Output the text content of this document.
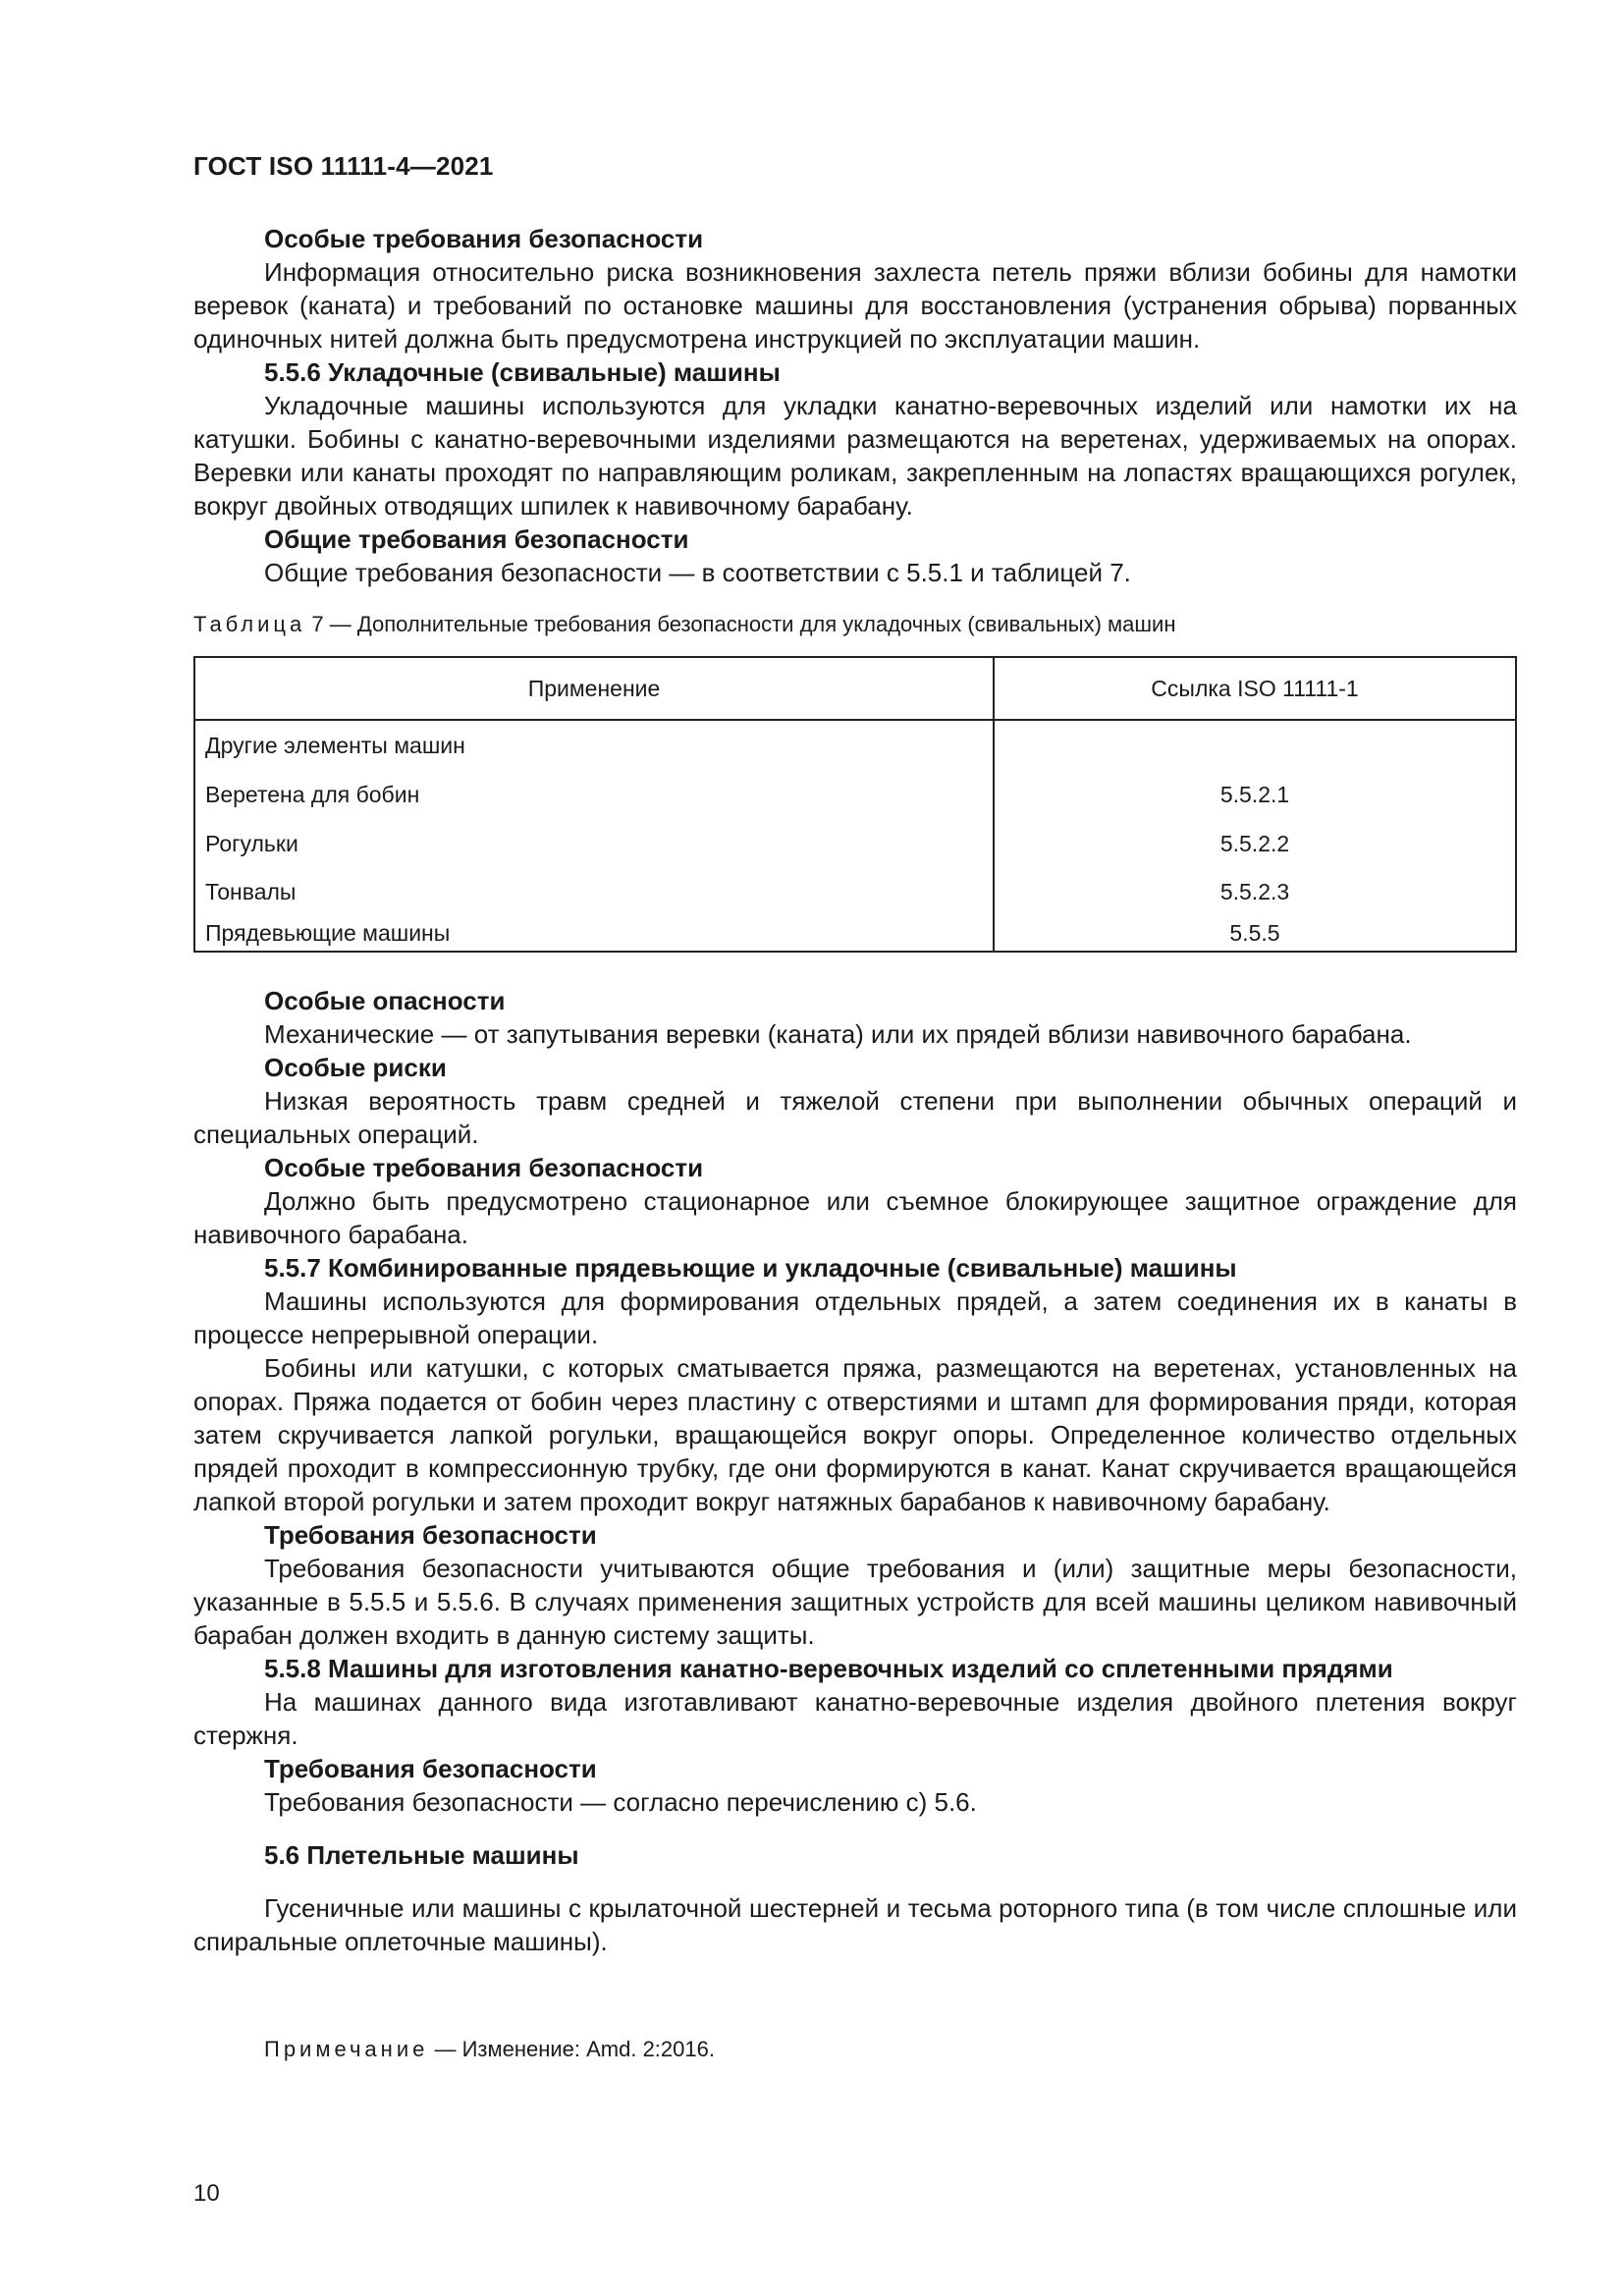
ГОСТ ISO 11111-4—2021
Особые требования безопасности
Информация относительно риска возникновения захлеста петель пряжи вблизи бобины для намотки веревок (каната) и требований по остановке машины для восстановления (устранения обрыва) порванных одиночных нитей должна быть предусмотрена инструкцией по эксплуатации машин.
5.5.6 Укладочные (свивальные) машины
Укладочные машины используются для укладки канатно-веревочных изделий или намотки их на катушки. Бобины с канатно-веревочными изделиями размещаются на веретенах, удерживаемых на опорах. Веревки или канаты проходят по направляющим роликам, закрепленным на лопастях вращающихся рогулек, вокруг двойных отводящих шпилек к навивочному барабану.
Общие требования безопасности
Общие требования безопасности — в соответствии с 5.5.1 и таблицей 7.
Таблица 7 — Дополнительные требования безопасности для укладочных (свивальных) машин
Применение	Ссылка ISO 11111-1
Другие элементы машин	
Веретена для бобин	5.5.2.1
Рогульки	5.5.2.2
Тонвалы	5.5.2.3
Прядевьющие машины	5.5.5
Особые опасности
Механические — от запутывания веревки (каната) или их прядей вблизи навивочного барабана.
Особые риски
Низкая вероятность травм средней и тяжелой степени при выполнении обычных операций и специальных операций.
Особые требования безопасности
Должно быть предусмотрено стационарное или съемное блокирующее защитное ограждение для навивочного барабана.
5.5.7 Комбинированные прядевьющие и укладочные (свивальные) машины
Машины используются для формирования отдельных прядей, а затем соединения их в канаты в процессе непрерывной операции.
Бобины или катушки, с которых сматывается пряжа, размещаются на веретенах, установленных на опорах. Пряжа подается от бобин через пластину с отверстиями и штамп для формирования пряди, которая затем скручивается лапкой рогульки, вращающейся вокруг опоры. Определенное количество отдельных прядей проходит в компрессионную трубку, где они формируются в канат. Канат скручивается вращающейся лапкой второй рогульки и затем проходит вокруг натяжных барабанов к навивочному барабану.
Требования безопасности
Требования безопасности учитываются общие требования и (или) защитные меры безопасности, указанные в 5.5.5 и 5.5.6. В случаях применения защитных устройств для всей машины целиком навивочный барабан должен входить в данную систему защиты.
5.5.8 Машины для изготовления канатно-веревочных изделий со сплетенными прядями
На машинах данного вида изготавливают канатно-веревочные изделия двойного плетения вокруг стержня.
Требования безопасности
Требования безопасности — согласно перечислению с) 5.6.
5.6 Плетельные машины
Гусеничные или машины с крылаточной шестерней и тесьма роторного типа (в том числе сплошные или спиральные оплеточные машины).
Примечание — Изменение: Amd. 2:2016.
10
